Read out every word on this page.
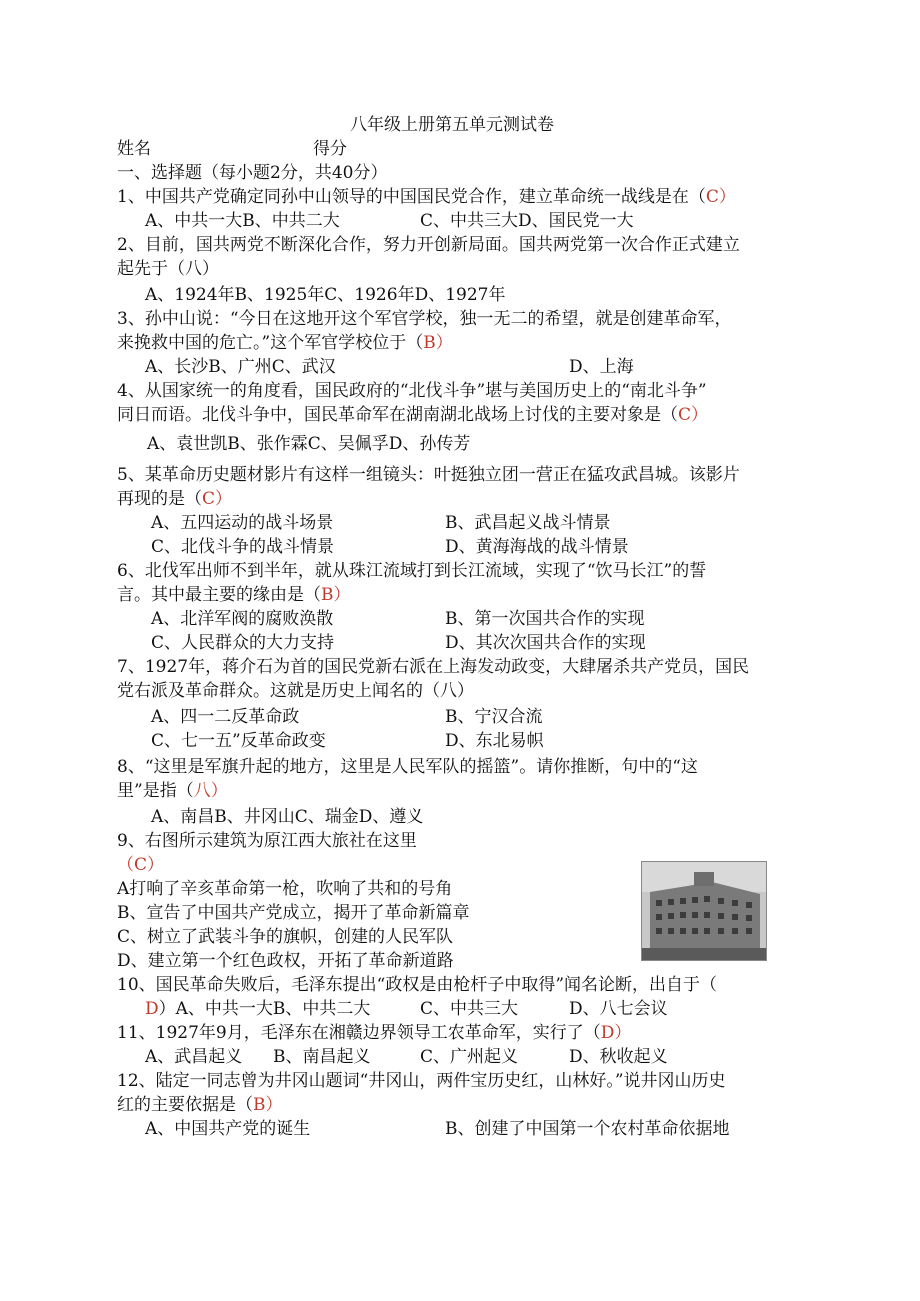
八年级上册第五单元测试卷
姓名	得分
一、选择题（每小题2分，共40分）
1、中国共产党确定同孙中山领导的中国国民党合作，建立革命统一战线是在（C）
A、中共一大B、中共二大	C、中共三大D、国民党一大
2、目前，国共两党不断深化合作，努力开创新局面。国共两党第一次合作正式建立
起先于（八）
A、1924年B、1925年C、1926年D、1927年
3、孙中山说：“今日在这地开这个军官学校，独一无二的希望，就是创建革命军，
来挽救中国的危亡。”这个军官学校位于（B）
A、长沙B、广州C、武汉	D、上海
4、从国家统一的角度看，国民政府的“北伐斗争”堪与美国历史上的“南北斗争”
同日而语。北伐斗争中，国民革命军在湖南湖北战场上讨伐的主要对象是（C）
A、袁世凯B、张作霖C、吴佩孚D、孙传芳
5、某革命历史题材影片有这样一组镜头：叶挺独立团一营正在猛攻武昌城。该影片
再现的是（C）
A、五四运动的战斗场景	B、武昌起义战斗情景
C、北伐斗争的战斗情景	D、黄海海战的战斗情景
6、北伐军出师不到半年，就从珠江流域打到长江流域，实现了“饮马长江”的誓
言。其中最主要的缘由是（B）
A、北洋军阀的腐败涣散	B、第一次国共合作的实现
C、人民群众的大力支持	D、其次次国共合作的实现
7、1927年，蒋介石为首的国民党新右派在上海发动政变，大肆屠杀共产党员，国民
党右派及革命群众。这就是历史上闻名的（八）
A、四一二反革命政	B、宁汉合流
C、七一五”反革命政变	D、东北易帜
8、“这里是军旗升起的地方，这里是人民军队的摇篮”。请你推断，句中的“这
里”是指（八）
A、南昌B、井冈山C、瑞金D、遵义
9、右图所示建筑为原江西大旅社在这里
（C）
A打响了辛亥革命第一枪，吹响了共和的号角
B、宣告了中国共产党成立，揭开了革命新篇章
C、树立了武装斗争的旗帜，创建的人民军队
D、建立第一个红色政权，开拓了革命新道路
10、国民革命失败后，毛泽东提出“政权是由枪杆子中取得”闻名论断，出自于（
D）A、中共一大B、中共二大	C、中共三大	D、八七会议
11、1927年9月，毛泽东在湘赣边界领导工农革命军，实行了（D）
A、武昌起义 B、南昌起义	C、广州起义	D、秋收起义
12、陆定一同志曾为井冈山题词“井冈山，两件宝历史红，山林好。”说井冈山历史
红的主要依据是（B）
A、中国共产党的诞生	B、创建了中国第一个农村革命依据地
